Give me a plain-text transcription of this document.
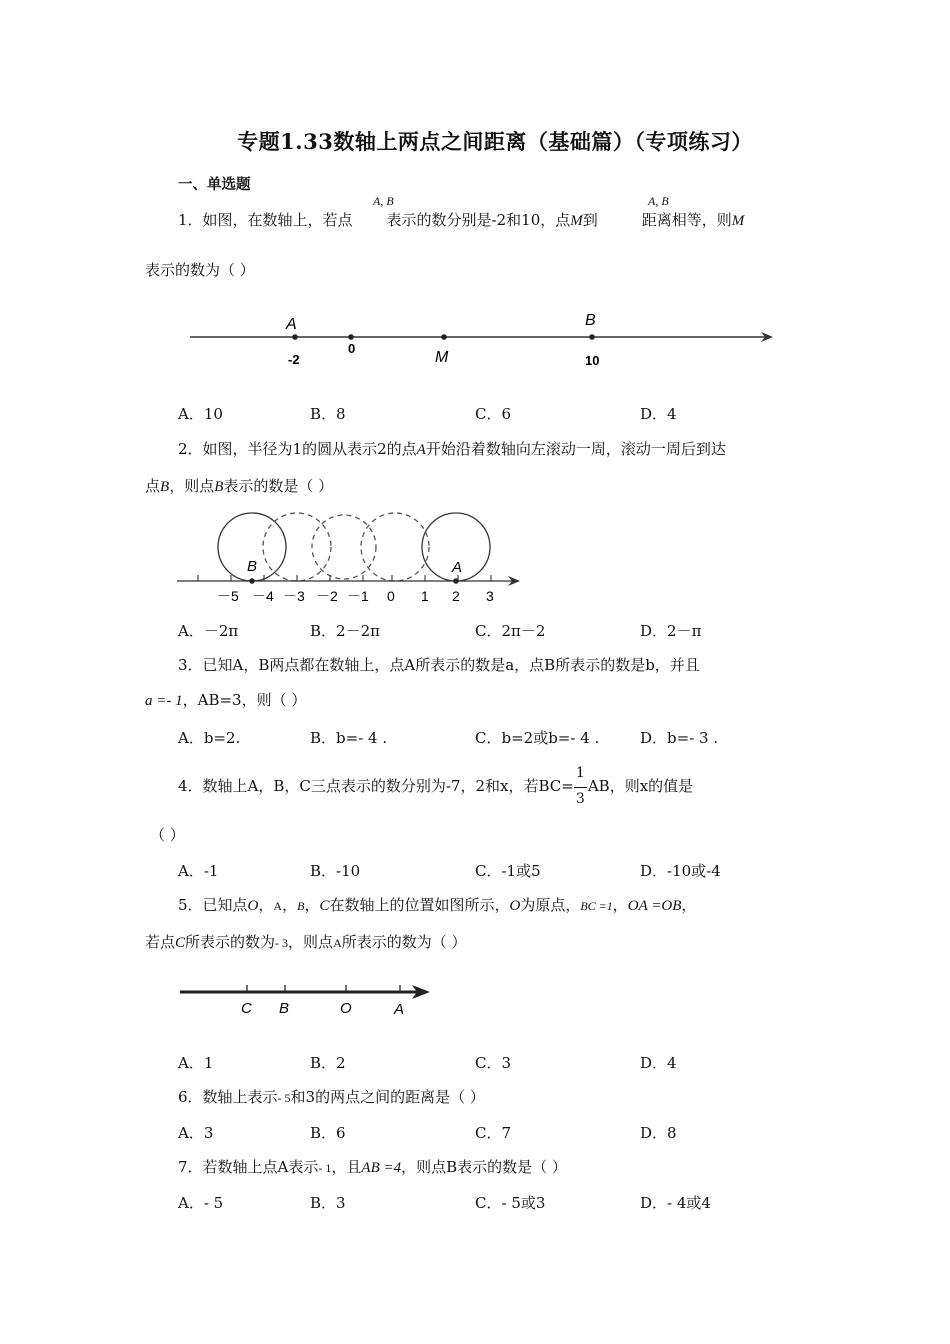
专题1.33数轴上两点之间距离（基础篇）（专项练习）
一、单选题
A, B	A, B
1．如图，在数轴上，若点 表示的数分别是-2和10，点M到	距离相等，则M
表示的数为（ ）
A	B
M
-2
0
10
A．10	B．8	C．6	D．4
2．如图，半径为1的圆从表示2的点A开始沿着数轴向左滚动一周，滚动一周后到达
点B，则点B表示的数是（ ）
B	A
－5 －4 －3 －2 －1 0 1 2 3
A．－2π	B．2－2π	C．2π－2	D．2－π
3．已知A，B两点都在数轴上，点A所表示的数是a，点B所表示的数是b，并且
a =- 1，AB=3，则（ ）
A．b=2.	B．b=- 4 .	C．b=2或b=- 4 .	D．b=- 3 .
4．数轴上A，B，C三点表示的数分别为-7，2和x，若$BC= \frac{1}{3}$ AB，则x的值是
（ ）
A．-1	B．-10	C．-1或5	D．-10或-4
5．已知点O，A，B，C在数轴上的位置如图所示，O为原点，BC =1，OA =OB，
若点C所表示的数为- 3，则点A所表示的数为（ ）
C B	O	A
A．1	B．2	C．3	D．4
6．数轴上表示- 5和3的两点之间的距离是（ ）
A．3	B．6	C．7	D．8
7．若数轴上点A表示- 1，且AB =4，则点B表示的数是（ ）
A．- 5	B．3	C．- 5或3	D．- 4或4
